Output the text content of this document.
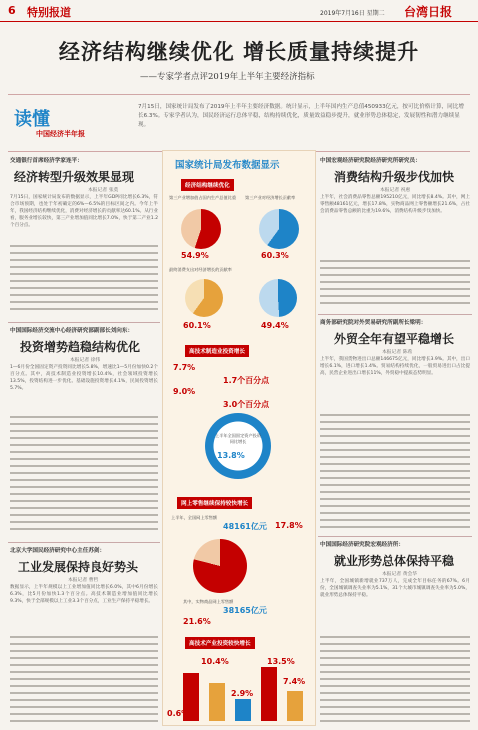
6 特别报道	2019年7月16日 星期二 台湾日报
经济结构继续优化 增长质量持续提升
——专家学者点评2019年上半年主要经济指标
读懂
中国经济半年报
7月15日，国家统计局发布了2019年上半年主要经济数据。统计显示，上半年国内生产总值450933亿元，按可比价格计算，同比增长6.3%。专家学者认为，国民经济运行总体平稳，结构持续优化，质量效益稳步提升，就业形势总体稳定，发展韧性和潜力继续显现。
交通银行首席经济学家连平：
经济转型升级效果显现
本报记者 张莫
7月15日，国家统计局发布的数据显示，上半年GDP同比增长6.3%，符合市场预期，也处于年初确定的6%—6.5%的目标区间之内。今年上半年，我国经济结构继续优化，消费对经济增长的贡献率达60.1%。从行业看，服务业增长较快，第三产业增加值同比增长7.0%，快于第二产业1.2个百分点。
中国国际经济交流中心经济研究部副部长刘向东：
投资增势趋稳结构优化
本报记者 徐伟
1—6月份全国固定资产投资同比增长5.8%，增速比1—5月份加快0.2个百分点。其中，高技术制造业投资增长10.4%，社会领域投资增长13.5%，投资结构进一步优化。基础设施投资增长4.1%，民间投资增长5.7%。
北京大学国民经济研究中心主任苏剑：
工业发展保持良好势头
本报记者 曹哲
数据显示，上半年规模以上工业增加值同比增长6.0%，其中6月份增长6.3%，比5月份加快1.3个百分点。高技术制造业增加值同比增长9.3%，快于全部规模以上工业3.3个百分点，工业生产保持平稳增长。
国家统计局发布数据显示
经济结构继续优化
第三产业增加值占国内生产总值比重 第三产业对经济增长贡献率
54.9%	60.3%
最终消费支出对经济增长的贡献率
60.1%	49.4%
高技术制造业投资增长
7.7%
1.7个百分点
9.0%
3.0个百分点
上半年全国固定资产投资同比增长
13.8%
网上零售继续保持较快增长
上半年，全国网上零售额
48161亿元 17.8%
其中，实物商品网上零售额
38165亿元
21.6%
高技术产业投资较快增长
10.4%	13.5%
7.4%
2.9%
0.6%
中国宏观经济研究院经济研究所研究员：
消费结构升级步伐加快
本报记者 祝惠
上半年，社会消费品零售总额195210亿元，同比增长8.4%。其中，网上零售额48161亿元，增长17.8%，实物商品网上零售额增长21.6%，占社会消费品零售总额的比重为19.6%，消费结构升级步伐加快。
商务部研究院对外贸易研究所副所长梁明：
外贸全年有望平稳增长
本报记者 陈希
上半年，我国货物进出口总额146675亿元，同比增长3.9%。其中，出口增长6.1%，进口增长1.4%。贸易结构持续优化，一般贸易进出口占比提高，民营企业进出口增长11%，外贸稳中提质态势明显。
中国国际经济研究院宏观经济所：
就业形势总体保持平稳
本报记者 黄会华
上半年，全国城镇新增就业737万人，完成全年目标任务的67%。6月份，全国城镇调查失业率为5.1%，31个大城市城镇调查失业率为5.0%，就业形势总体保持平稳。
